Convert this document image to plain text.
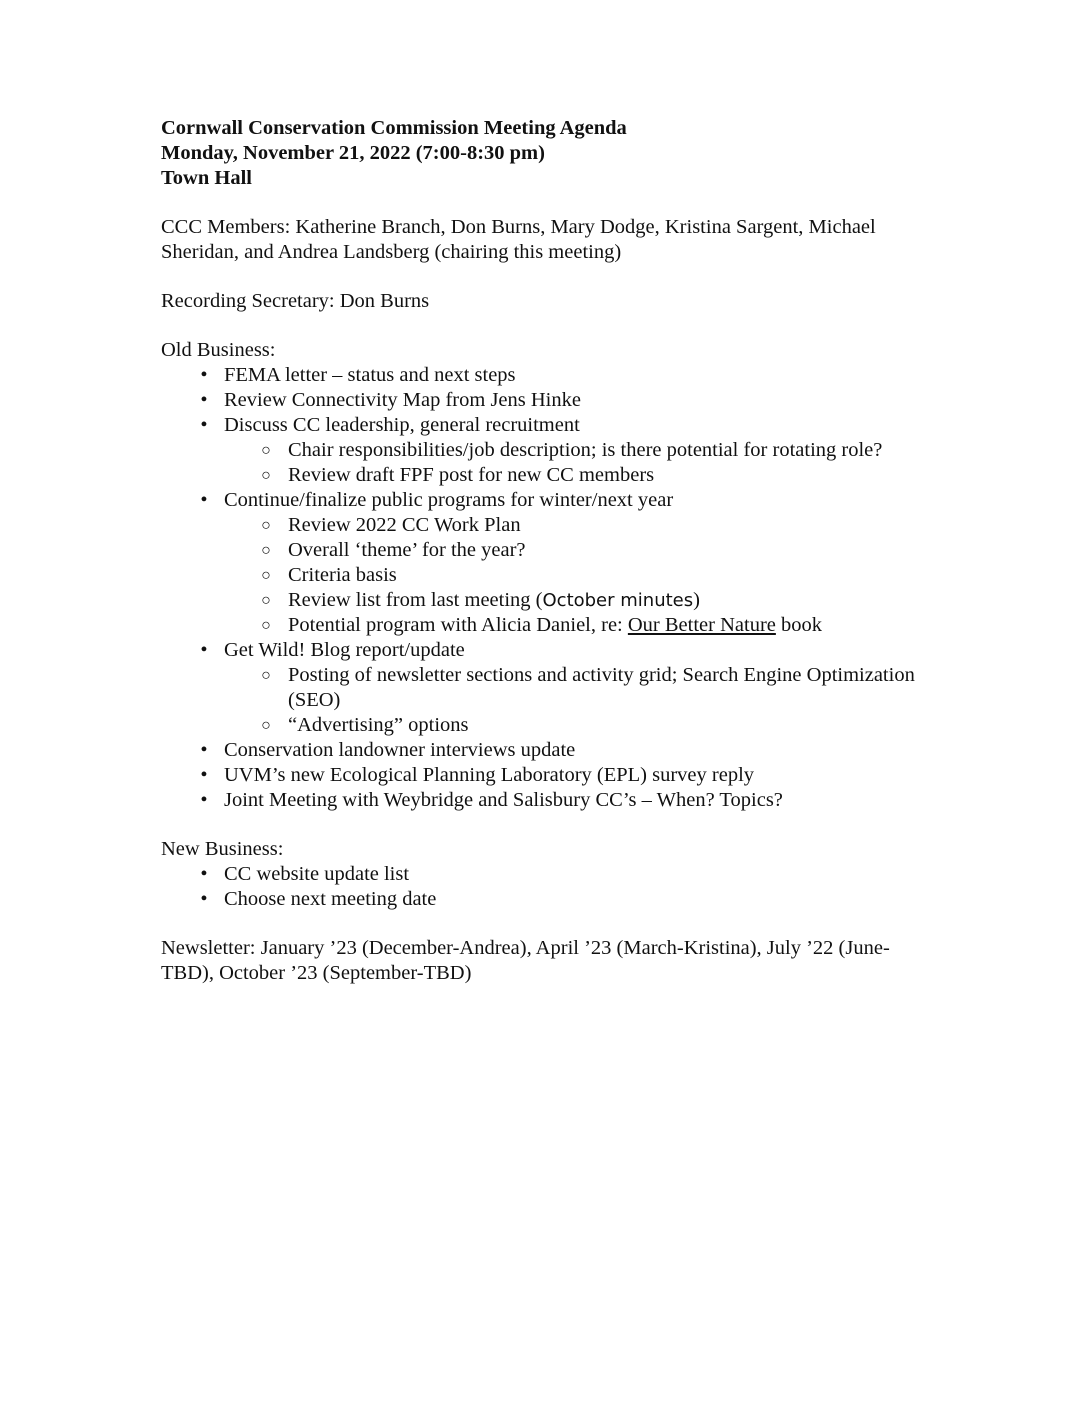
Cornwall Conservation Commission Meeting Agenda
Monday, November 21, 2022 (7:00-8:30 pm)
Town Hall
CCC Members: Katherine Branch, Don Burns, Mary Dodge, Kristina Sargent, Michael Sheridan, and Andrea Landsberg (chairing this meeting)
Recording Secretary: Don Burns
Old Business:
• FEMA letter – status and next steps
• Review Connectivity Map from Jens Hinke
• Discuss CC leadership, general recruitment
○ Chair responsibilities/job description; is there potential for rotating role?
○ Review draft FPF post for new CC members
• Continue/finalize public programs for winter/next year
○ Review 2022 CC Work Plan
○ Overall ‘theme’ for the year?
○ Criteria basis
○ Review list from last meeting (October minutes)
○ Potential program with Alicia Daniel, re: Our Better Nature book
• Get Wild! Blog report/update
○ Posting of newsletter sections and activity grid; Search Engine Optimization (SEO)
○ “Advertising” options
• Conservation landowner interviews update
• UVM’s new Ecological Planning Laboratory (EPL) survey reply
• Joint Meeting with Weybridge and Salisbury CC’s – When? Topics?
New Business:
• CC website update list
• Choose next meeting date
Newsletter: January ’23 (December-Andrea), April ’23 (March-Kristina), July ’22 (June-TBD), October ’23 (September-TBD)
